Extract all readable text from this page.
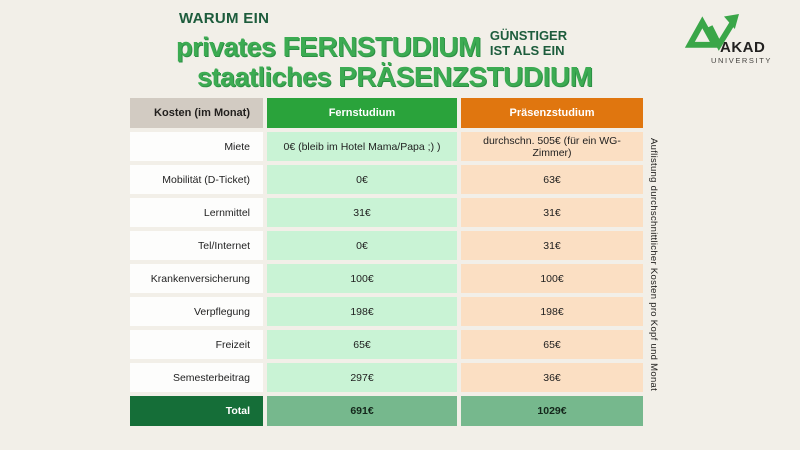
WARUM EIN
privates FERNSTUDIUM GÜNSTIGER
IST ALS EIN
staatliches PRÄSENZSTUDIUM
AKAD
UNIVERSITY
Kosten (im Monat)	Fernstudium	Präsenzstudium
Miete	0€ (bleib im Hotel Mama/Papa ;) )	durchschn. 505€ (für ein WG-Zimmer)
Mobilität (D-Ticket)	0€	63€
Lernmittel	31€	31€
Tel/Internet	0€	31€
Krankenversicherung	100€	100€
Verpflegung	198€	198€
Freizeit	65€	65€
Semesterbeitrag	297€	36€
Total	691€	1029€
Auflistung durchschnittlicher Kosten pro Kopf und Monat
